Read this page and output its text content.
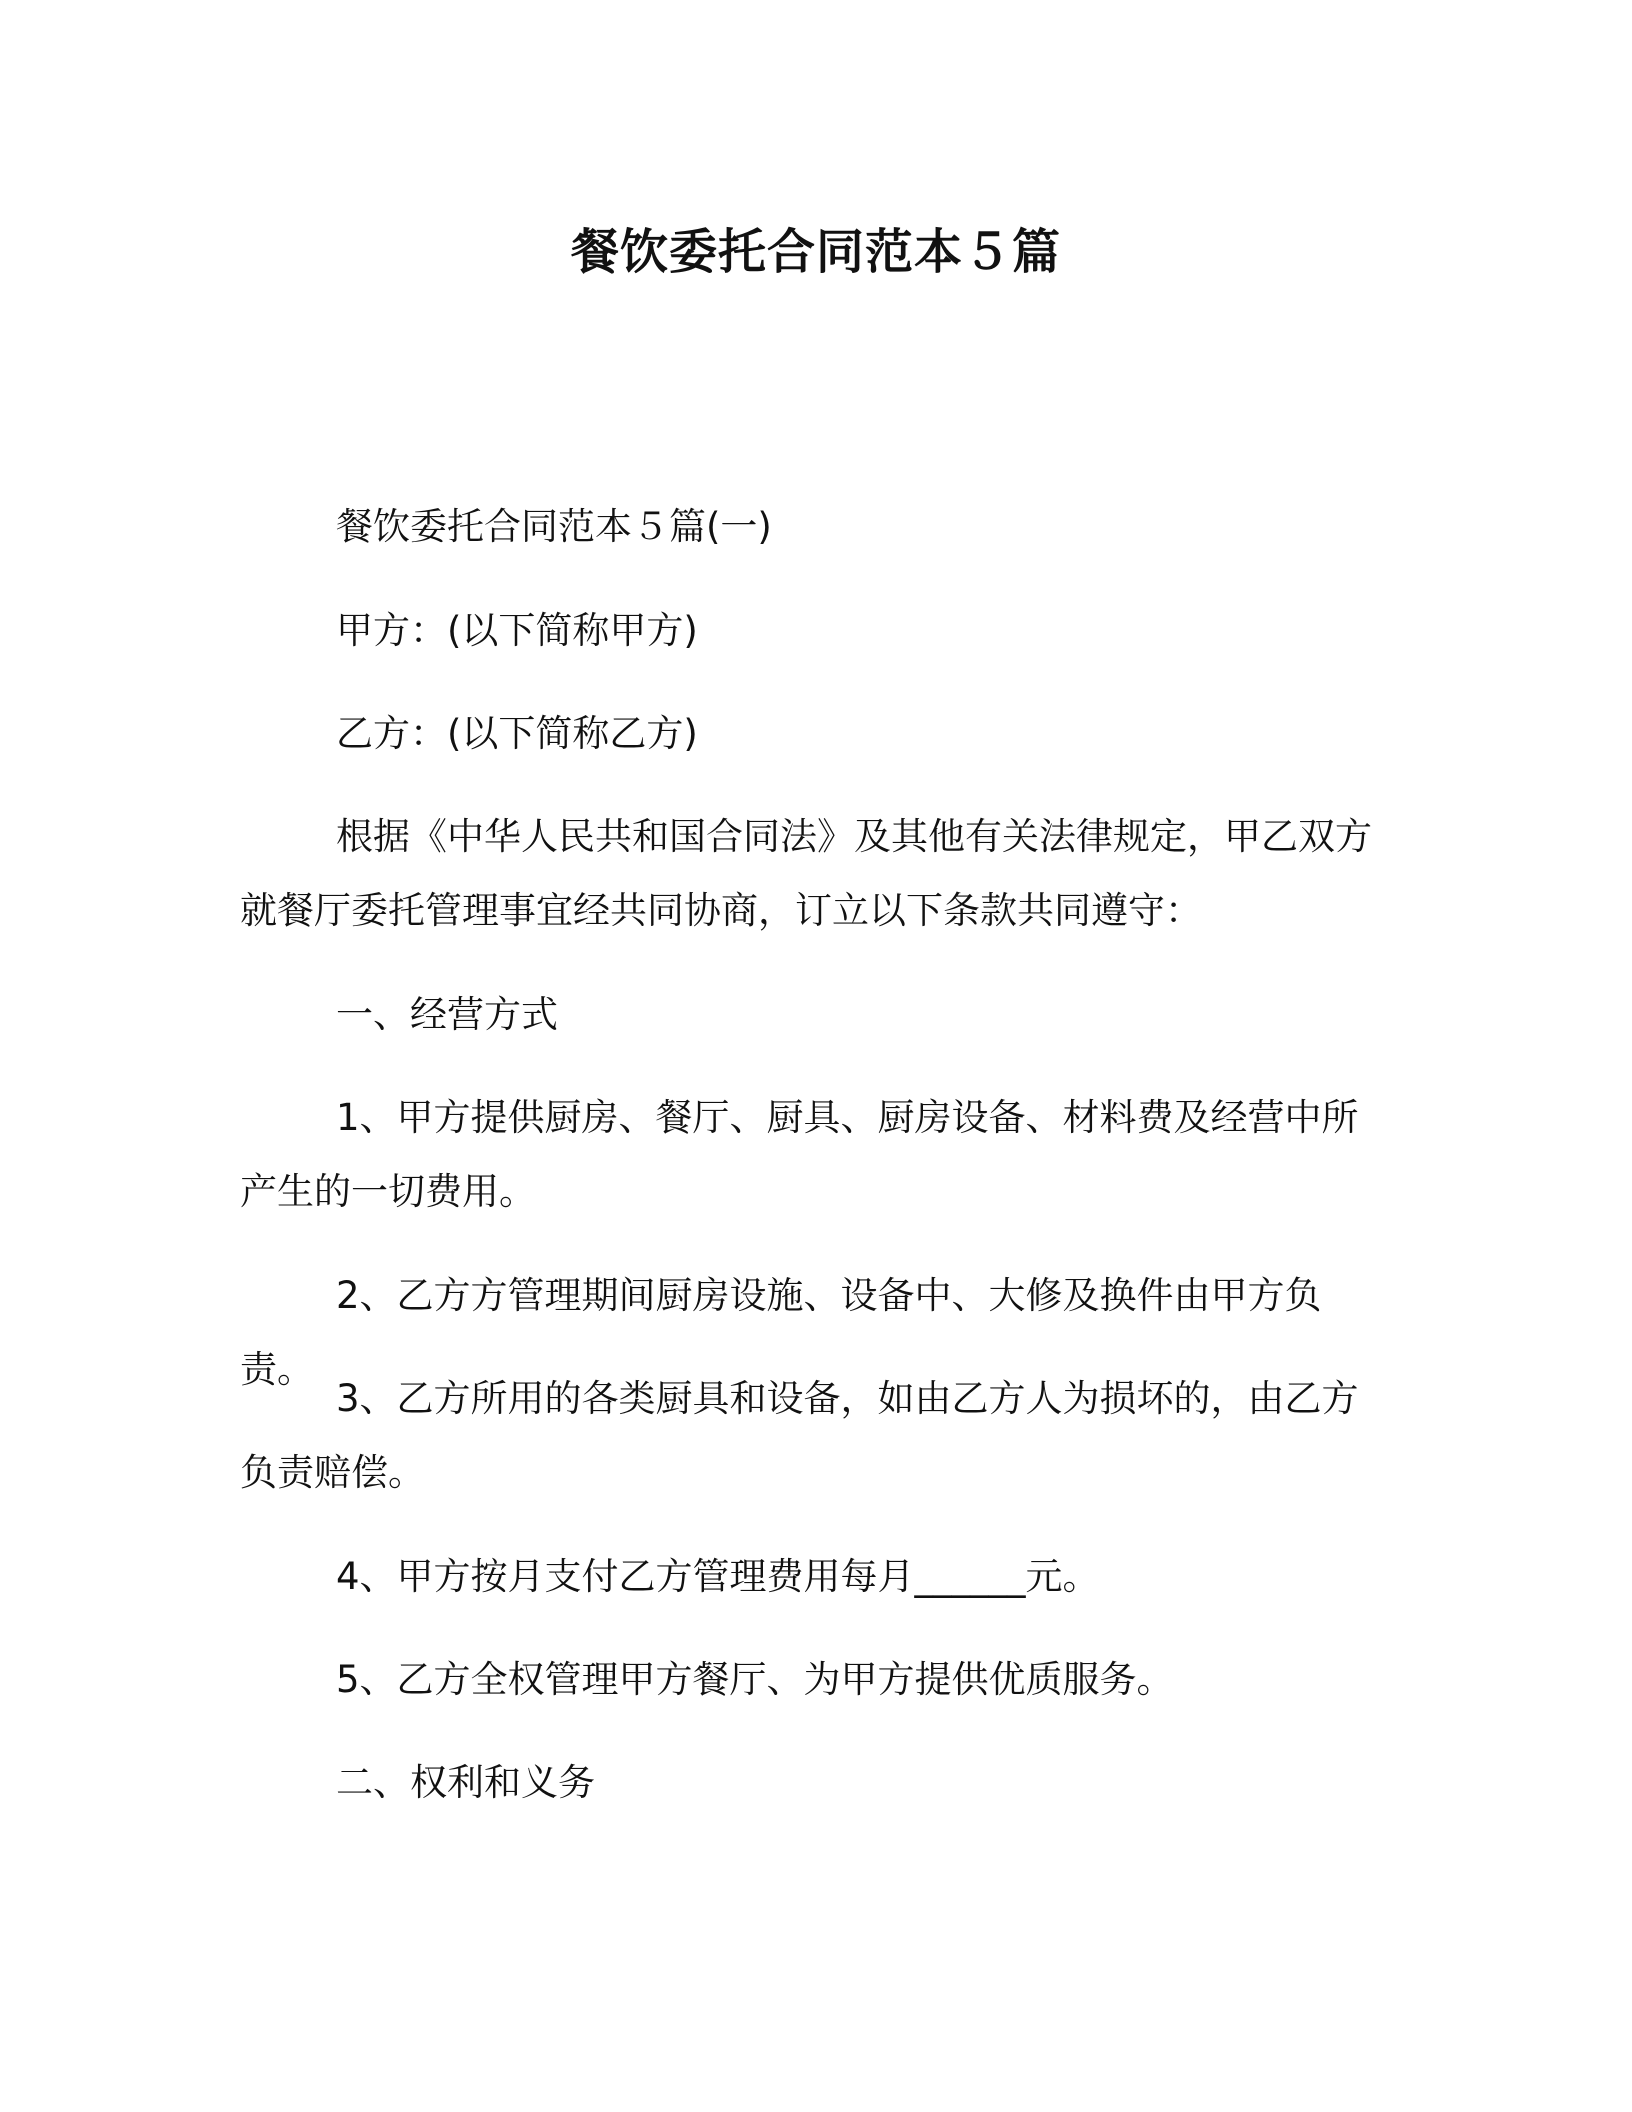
餐饮委托合同范本５篇

餐饮委托合同范本５篇(一)

甲方：(以下简称甲方)

乙方：(以下简称乙方)

根据《中华人民共和国合同法》及其他有关法律规定，甲乙双方就餐厅委托管理事宜经共同协商，订立以下条款共同遵守：

一、经营方式

1、甲方提供厨房、餐厅、厨具、厨房设备、材料费及经营中所产生的一切费用。

2、乙方方管理期间厨房设施、设备中、大修及换件由甲方负责。

3、乙方所用的各类厨具和设备，如由乙方人为损坏的，由乙方负责赔偿。

4、甲方按月支付乙方管理费用每月______元。

5、乙方全权管理甲方餐厅、为甲方提供优质服务。

二、权利和义务
